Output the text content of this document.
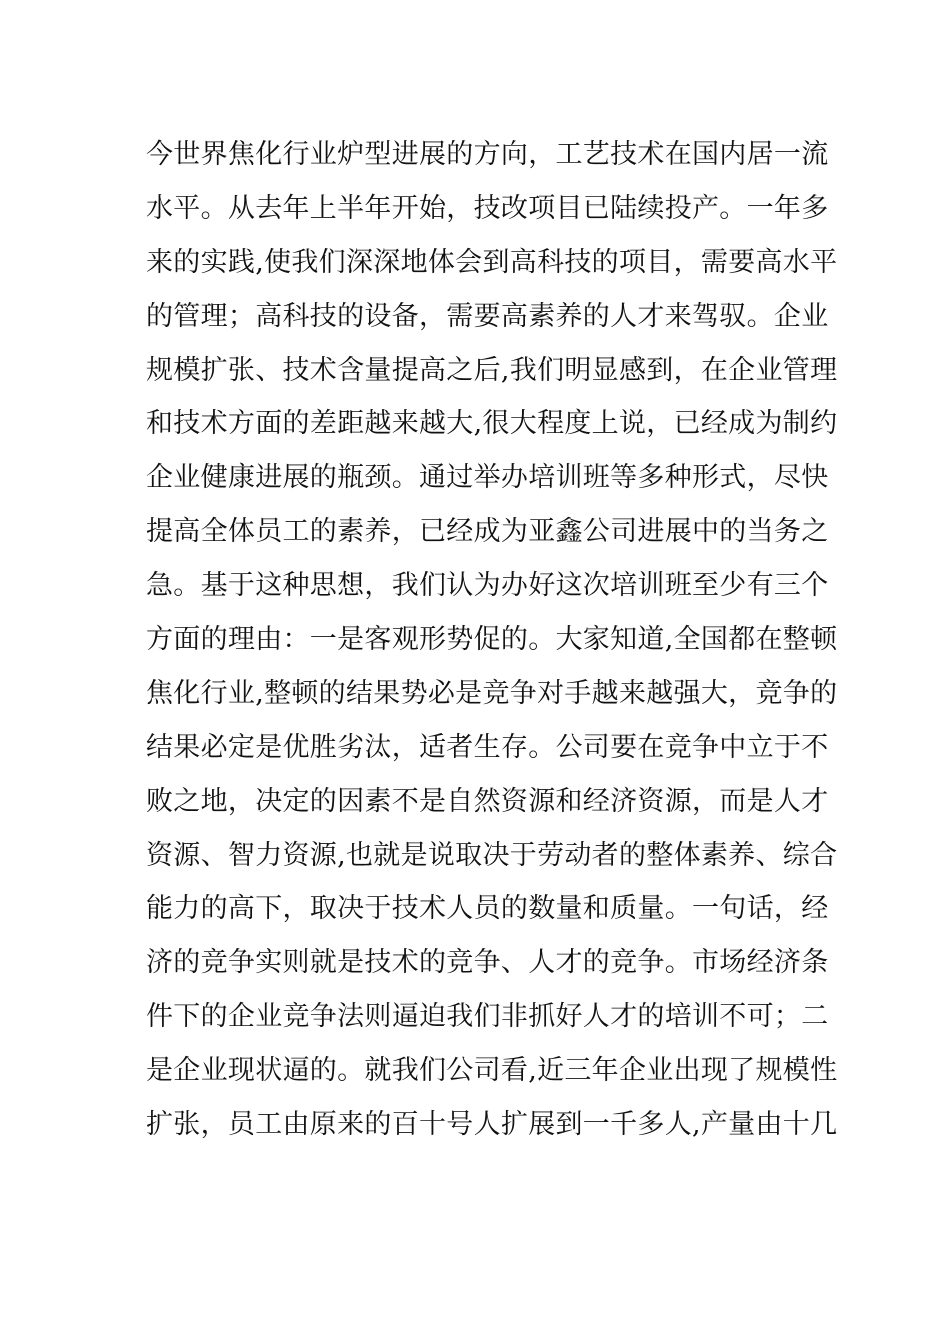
今世界焦化行业炉型进展的方向，工艺技术在国内居一流
水平。从去年上半年开始，技改项目已陆续投产。一年多
来的实践,使我们深深地体会到高科技的项目，需要高水平
的管理；高科技的设备，需要高素养的人才来驾驭。企业
规模扩张、技术含量提高之后,我们明显感到，在企业管理
和技术方面的差距越来越大,很大程度上说，已经成为制约
企业健康进展的瓶颈。通过举办培训班等多种形式，尽快
提高全体员工的素养，已经成为亚鑫公司进展中的当务之
急。基于这种思想，我们认为办好这次培训班至少有三个
方面的理由：一是客观形势促的。大家知道,全国都在整顿
焦化行业,整顿的结果势必是竞争对手越来越强大，竞争的
结果必定是优胜劣汰，适者生存。公司要在竞争中立于不
败之地，决定的因素不是自然资源和经济资源，而是人才
资源、智力资源,也就是说取决于劳动者的整体素养、综合
能力的高下，取决于技术人员的数量和质量。一句话，经
济的竞争实则就是技术的竞争、人才的竞争。市场经济条
件下的企业竞争法则逼迫我们非抓好人才的培训不可；二
是企业现状逼的。就我们公司看,近三年企业出现了规模性
扩张，员工由原来的百十号人扩展到一千多人,产量由十几
